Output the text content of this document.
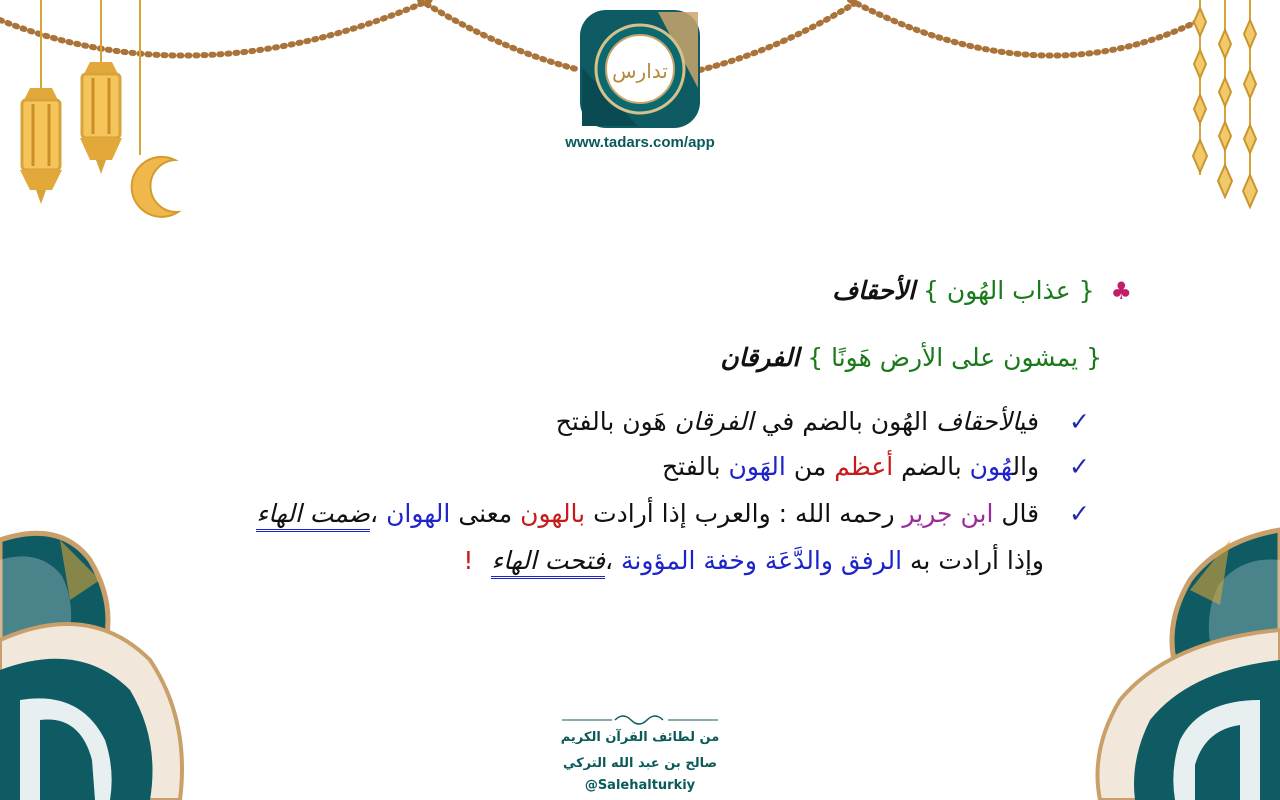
تدارس
www.tadars.com/app
♣ { عذاب الهُون } الأحقاف
{ يمشون على الأرض هَونًا } الفرقان
✓ فيالأحقاف الهُون بالضم في الفرقان هَون بالفتح
✓ والهُون بالضم أعظم من الهَون بالفتح
✓ قال ابن جرير رحمه الله : والعرب إذا أرادت بالهون معنى الهوان ،ضمت الهاء
وإذا أرادت به الرفق والدَّعَة وخفة المؤونة ،فتحت الهاء !
من لطائف القرآن الكريم
صالح بن عبد الله التركي
@Salehalturkiy
